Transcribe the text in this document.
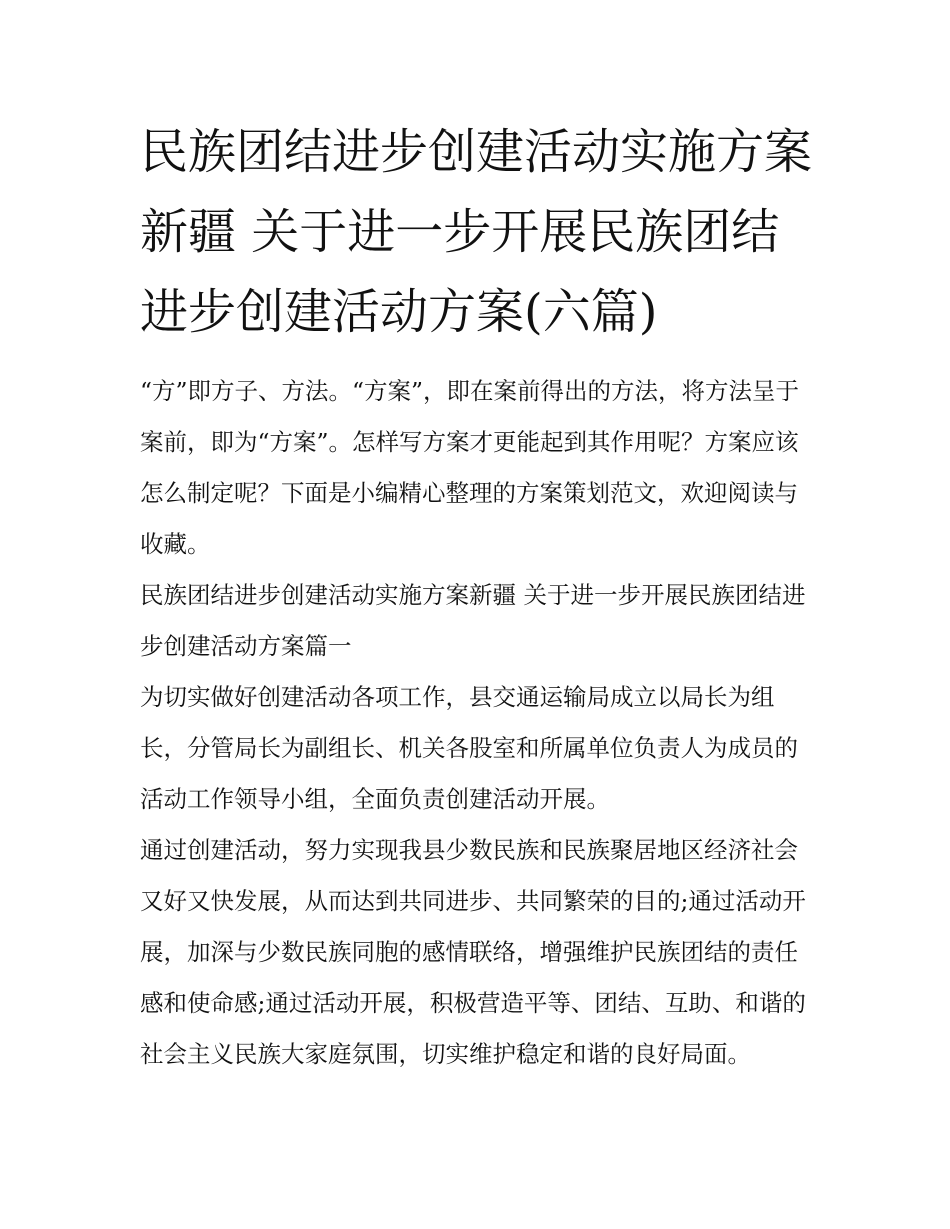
民族团结进步创建活动实施方案新疆 关于进一步开展民族团结进步创建活动方案(六篇)

“方”即方子、方法。“方案”，即在案前得出的方法，将方法呈于案前，即为“方案”。怎样写方案才更能起到其作用呢？方案应该怎么制定呢？下面是小编精心整理的方案策划范文，欢迎阅读与收藏。

民族团结进步创建活动实施方案新疆 关于进一步开展民族团结进步创建活动方案篇一

为切实做好创建活动各项工作，县交通运输局成立以局长为组长，分管局长为副组长、机关各股室和所属单位负责人为成员的活动工作领导小组，全面负责创建活动开展。

通过创建活动，努力实现我县少数民族和民族聚居地区经济社会又好又快发展，从而达到共同进步、共同繁荣的目的;通过活动开展，加深与少数民族同胞的感情联络，增强维护民族团结的责任感和使命感;通过活动开展，积极营造平等、团结、互助、和谐的社会主义民族大家庭氛围，切实维护稳定和谐的良好局面。
